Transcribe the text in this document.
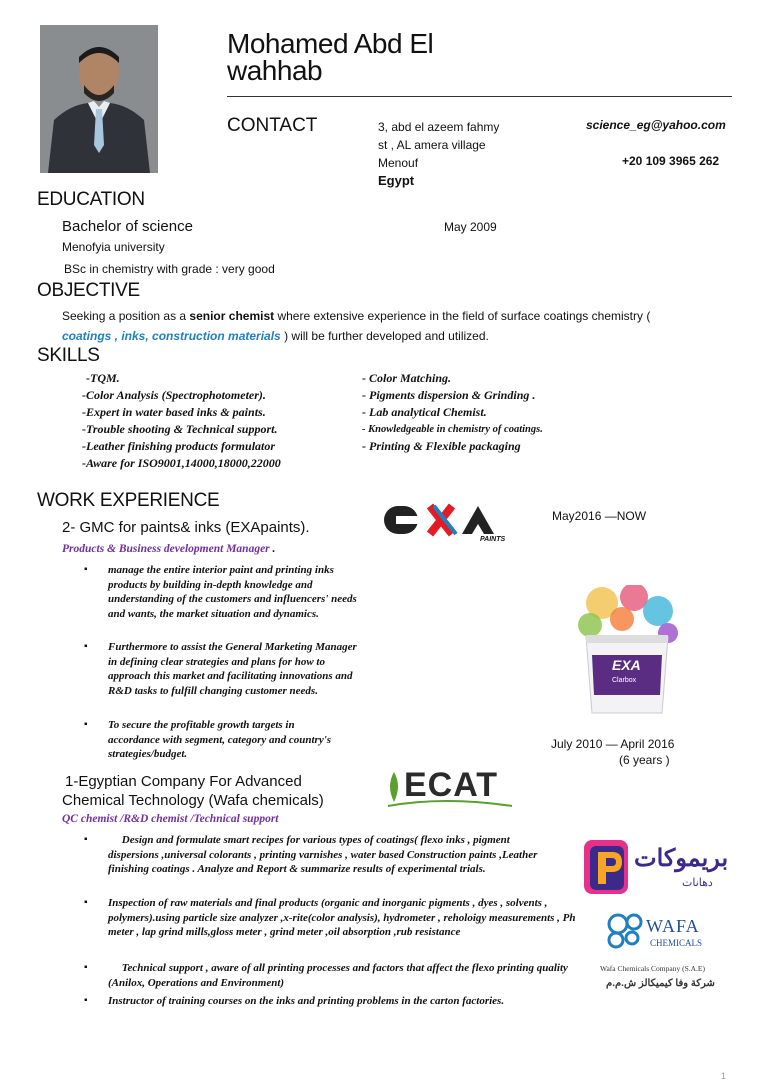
Mohamed Abd El
wahhab
CONTACT	3, abd el azeem fahmy
st , AL amera village
Menouf
Egypt
science_eg@yahoo.com
+20 109 3965 262
EDUCATION
Bachelor of science	May 2009
Menofyia university
BSc in chemistry with grade : very good
OBJECTIVE
Seeking a position as a senior chemist where extensive experience in the field of surface coatings chemistry (
coatings , inks, construction materials ) will be further developed and utilized.
SKILLS
-TQM.
-Color Analysis (Spectrophotometer).
-Expert in water based inks & paints.
-Trouble shooting & Technical support.
-Leather finishing products formulator
-Aware for ISO9001,14000,18000,22000
- Color Matching.
- Pigments dispersion & Grinding .
- Lab analytical Chemist.
- Knowledgeable in chemistry of coatings.
- Printing & Flexible packaging
WORK EXPERIENCE
PAINTS
May2016 —NOW
2- GMC for paints& inks (EXApaints).
Products & Business development Manager .
▪ manage the entire interior paint and printing inks products by building in-depth knowledge and understanding of the customers and influencers' needs and wants, the market situation and dynamics.
▪ Furthermore to assist the General Marketing Manager in defining clear strategies and plans for how to approach this market and facilitating innovations and R&D tasks to fulfill changing customer needs.
▪ To secure the profitable growth targets in accordance with segment, category and country's strategies/budget.
EXA
Clarbox
July 2010 — April 2016
(6 years )
1-Egyptian Company For Advanced
Chemical Technology (Wafa chemicals) ECAT
QC chemist /R&D chemist /Technical support
▪      Design and formulate smart recipes for various types of coatings( flexo inks , pigment dispersions ,universal colorants , printing varnishes , water based Construction paints ,Leather finishing coatings . Analyze and Report & summarize results of experimental trials.
▪ Inspection of raw materials and final products (organic and inorganic pigments , dyes , solvents , polymers).using particle size analyzer ,x-rite(color analysis), hydrometer , reholoigy measurements , Ph meter , lap grind mills,gloss meter , grind meter ,oil absorption ,rub resistance
▪      Technical support , aware of all printing processes and factors that affect the flexo printing quality (Anilox, Operations and Environment)
▪ Instructor of training courses on the inks and printing problems in the carton factories.
بريموكات
دهانات
WAFA
CHEMICALS
Wafa Chemicals Company (S.A.E)
شركة وفا كيميكالز ش.م.م
1
